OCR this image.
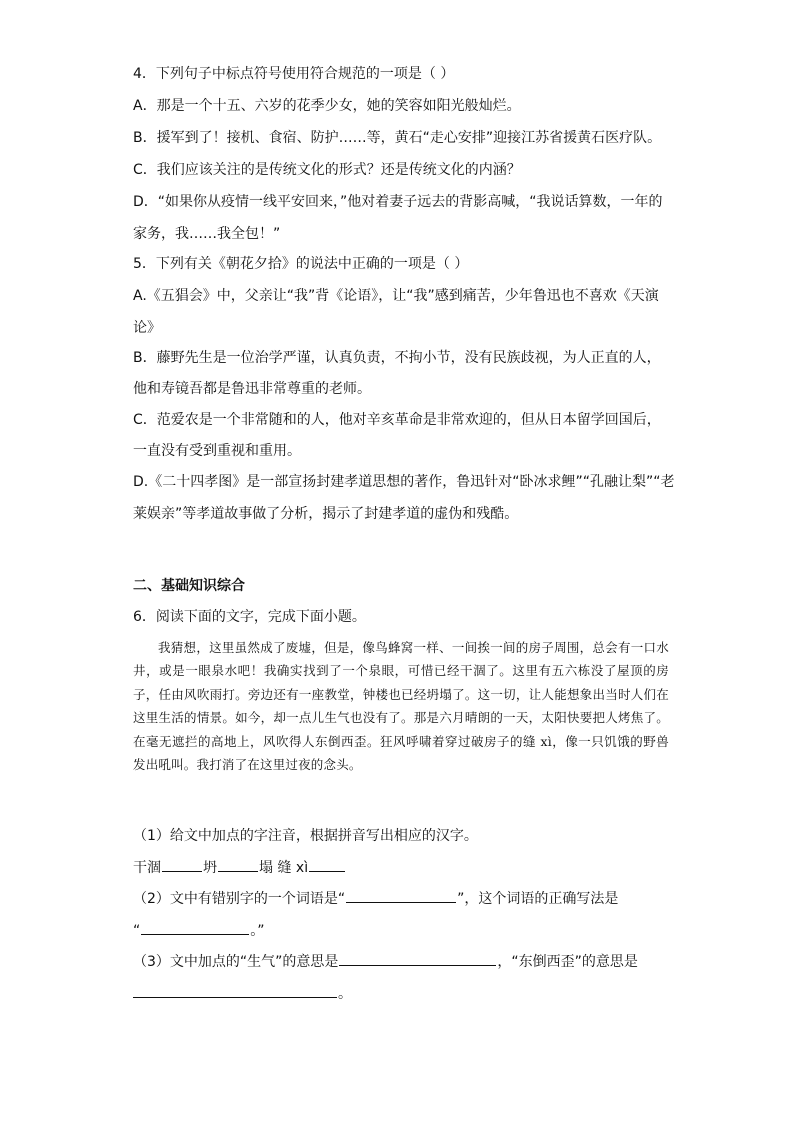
4．下列句子中标点符号使用符合规范的一项是（ ）
A．那是一个十五、六岁的花季少女，她的笑容如阳光般灿烂。
B．援军到了！接机、食宿、防护……等，黄石“走心安排”迎接江苏省援黄石医疗队。
C．我们应该关注的是传统文化的形式？还是传统文化的内涵？
D．“如果你从疫情一线平安回来，”他对着妻子远去的背影高喊，“我说话算数，一年的
家务，我……我全包！”
5．下列有关《朝花夕拾》的说法中正确的一项是（ ）
A.《五猖会》中，父亲让“我”背《论语》，让“我”感到痛苦，少年鲁迅也不喜欢《天演
论》
B．藤野先生是一位治学严谨，认真负责，不拘小节，没有民族歧视，为人正直的人，
他和寿镜吾都是鲁迅非常尊重的老师。
C．范爱农是一个非常随和的人，他对辛亥革命是非常欢迎的，但从日本留学回国后，
一直没有受到重视和重用。
D.《二十四孝图》是一部宣扬封建孝道思想的著作，鲁迅针对“卧冰求鲤”“孔融让梨”“老
莱娱亲”等孝道故事做了分析，揭示了封建孝道的虚伪和残酷。
二、基础知识综合
6．阅读下面的文字，完成下面小题。

我猜想，这里虽然成了废墟，但是，像鸟蜂窝一样、一间挨一间的房子周围，总会有一口水井，或是一眼泉水吧！我确实找到了一个泉眼，可惜已经干涸了。这里有五六栋没了屋顶的房子，任由风吹雨打。旁边还有一座教堂，钟楼也已经坍塌了。这一切，让人能想象出当时人们在这里生活的情景。如今，却一点儿生气也没有了。那是六月晴朗的一天，太阳快要把人烤焦了。在毫无遮拦的高地上，风吹得人东倒西歪。狂风呼啸着穿过破房子的缝 xì，像一只饥饿的野兽发出吼叫。我打消了在这里过夜的念头。

（1）给文中加点的字注音，根据拼音写出相应的汉字。
干涸	坍	塌 缝 xì
（2）文中有错别字的一个词语是“	”，这个词语的正确写法是
“	。”
（3）文中加点的“生气”的意思是	，“东倒西歪”的意思是
。
